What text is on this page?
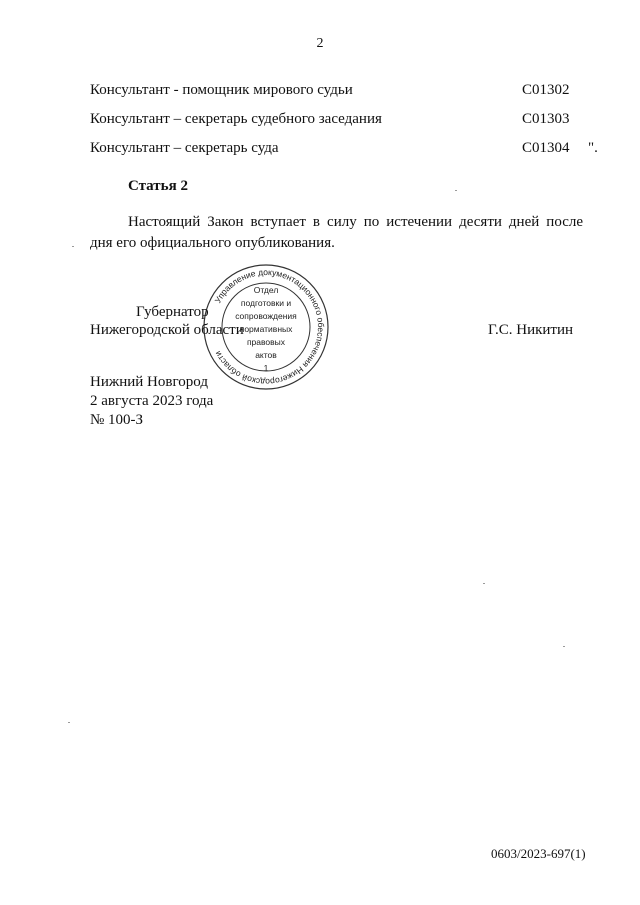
2
Консультант - помощник мирового судьи	С01302
Консультант – секретарь судебного заседания	С01303
Консультант – секретарь суда	С01304 ".
Статья 2
Настоящий Закон вступает в силу по истечении десяти дней после
дня его официального опубликования.
Управление документационного обеспечения Нижегородской области
Отдел
подготовки и
сопровождения
нормативных
правовых
актов
1
Губернатор
Нижегородской области	Г.С. Никитин
Нижний Новгород
2 августа 2023 года
№ 100-З
0603/2023-697(1)
